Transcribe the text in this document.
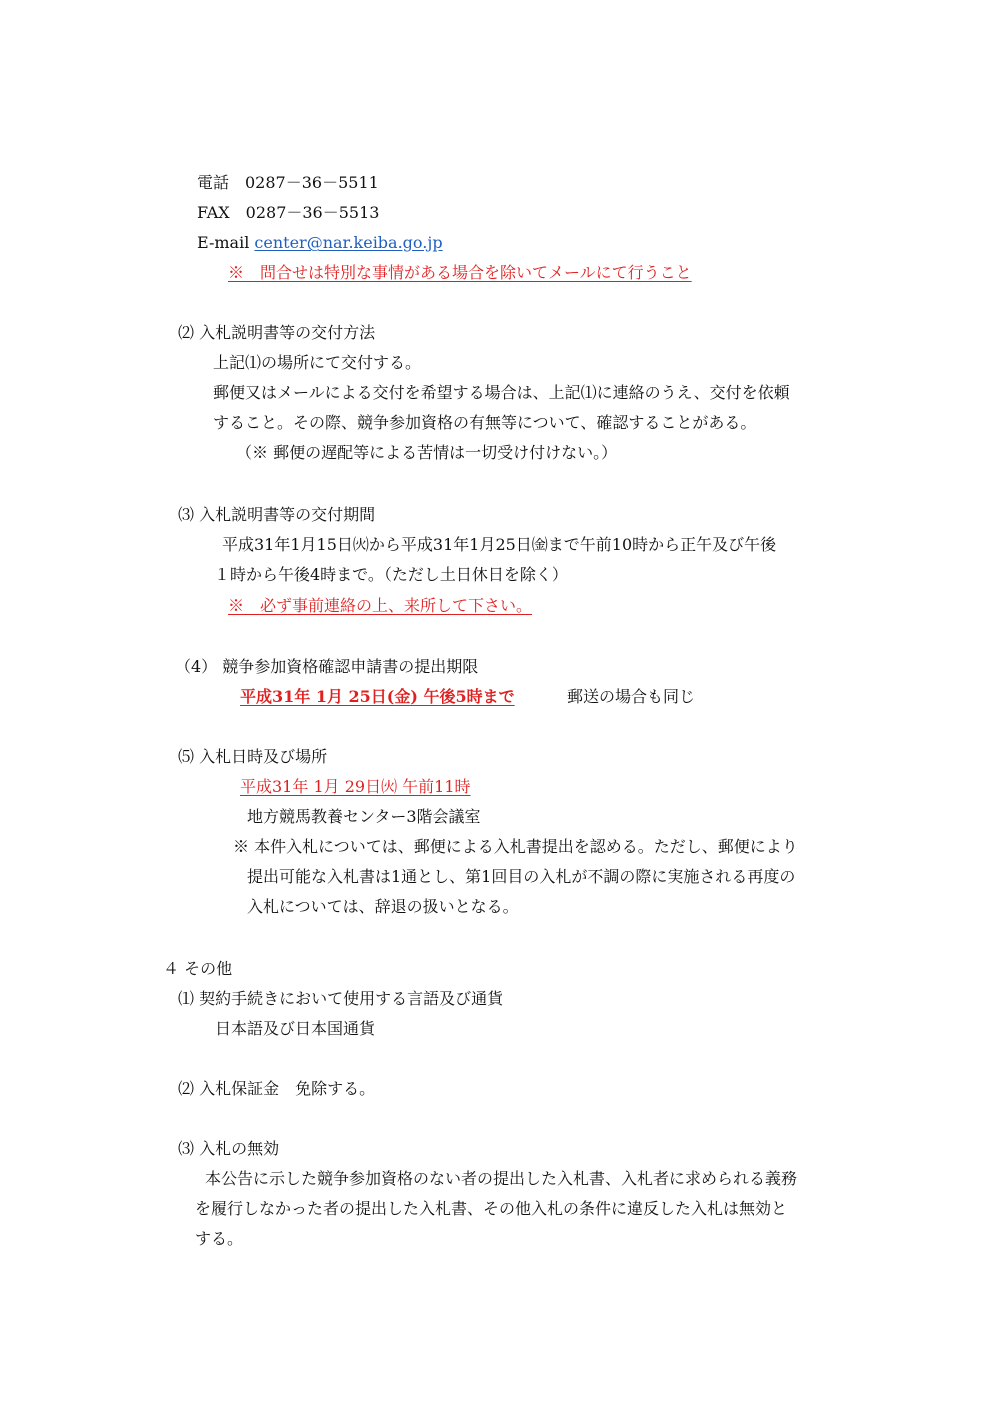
電話　0287－36－5511
FAX　0287－36－5513
E-mail center@nar.keiba.go.jp
※　問合せは特別な事情がある場合を除いてメールにて行うこと
⑵ 入札説明書等の交付方法
上記⑴の場所にて交付する。
郵便又はメールによる交付を希望する場合は、上記⑴に連絡のうえ、交付を依頼
すること。その際、競争参加資格の有無等について、確認することがある。
（※ 郵便の遅配等による苦情は一切受け付けない。）
⑶ 入札説明書等の交付期間
平成31年1月15日㈫から平成31年1月25日㈮まで午前10時から正午及び午後
１時から午後4時まで。（ただし土日休日を除く）
※　必ず事前連絡の上、来所して下さい。
（4） 競争参加資格確認申請書の提出期限
平成31年 1月 25日(金) 午後5時まで	郵送の場合も同じ
⑸ 入札日時及び場所
平成31年 1月 29日㈫ 午前11時
地方競馬教養センター3階会議室
※ 本件入札については、郵便による入札書提出を認める。ただし、郵便により
提出可能な入札書は1通とし、第1回目の入札が不調の際に実施される再度の
入札については、辞退の扱いとなる。
４ その他
⑴ 契約手続きにおいて使用する言語及び通貨
日本語及び日本国通貨
⑵ 入札保証金　免除する。
⑶ 入札の無効
本公告に示した競争参加資格のない者の提出した入札書、入札者に求められる義務
を履行しなかった者の提出した入札書、その他入札の条件に違反した入札は無効と
する。
